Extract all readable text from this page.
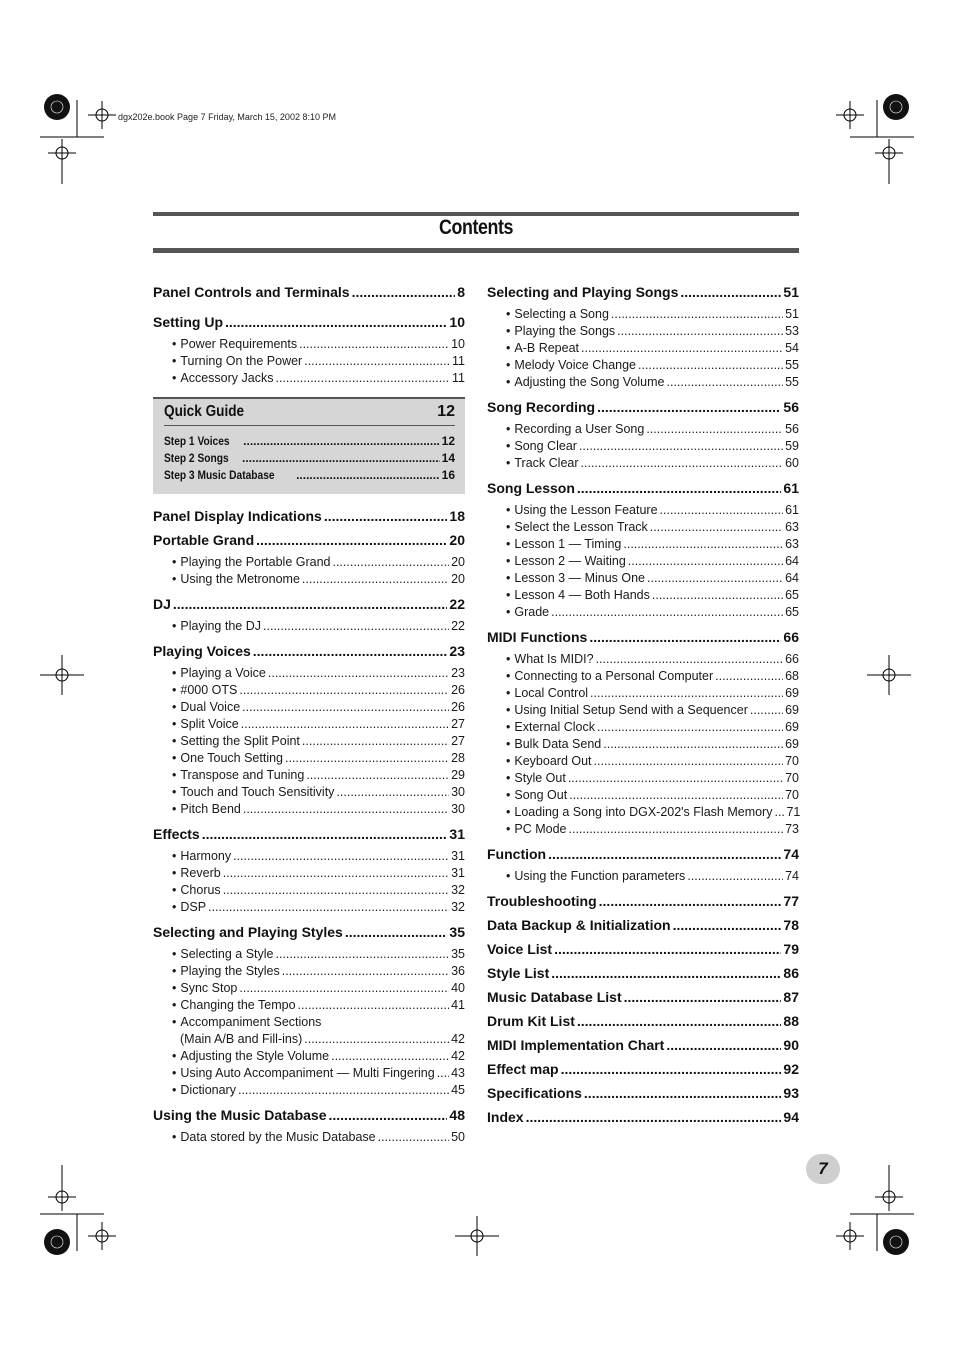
dgx202e.book Page 7 Friday, March 15, 2002 8:10 PM
Contents
Panel Controls and Terminals .....	8
Setting Up .....	10
• Power Requirements .....	10
• Turning On the Power .....	11
• Accessory Jacks .....	11
Quick Guide	12
Step 1 Voices .....	12
Step 2 Songs .....	14
Step 3 Music Database .....	16
Panel Display Indications .....	18
Portable Grand .....	20
• Playing the Portable Grand .....	20
• Using the Metronome .....	20
DJ .....	22
• Playing the DJ .....	22
Playing Voices .....	23
• Playing a Voice .....	23
• #000 OTS .....	26
• Dual Voice .....	26
• Split Voice .....	27
• Setting the Split Point .....	27
• One Touch Setting .....	28
• Transpose and Tuning .....	29
• Touch and Touch Sensitivity .....	30
• Pitch Bend .....	30
Effects .....	31
• Harmony .....	31
• Reverb .....	31
• Chorus .....	32
• DSP .....	32
Selecting and Playing Styles .....	35
• Selecting a Style .....	35
• Playing the Styles .....	36
• Sync Stop .....	40
• Changing the Tempo .....	41
• Accompaniment Sections
(Main A/B and Fill-ins) .....	42
• Adjusting the Style Volume .....	42
• Using Auto Accompaniment — Multi Fingering ..... 43
• Dictionary .....	45
Using the Music Database .....	48
• Data stored by the Music Database .....	50
Selecting and Playing Songs .....	51
• Selecting a Song .....	51
• Playing the Songs .....	53
• A-B Repeat .....	54
• Melody Voice Change .....	55
• Adjusting the Song Volume .....	55
Song Recording .....	56
• Recording a User Song .....	56
• Song Clear .....	59
• Track Clear .....	60
Song Lesson .....	61
• Using the Lesson Feature .....	61
• Select the Lesson Track .....	63
• Lesson 1 — Timing .....	63
• Lesson 2 — Waiting .....	64
• Lesson 3 — Minus One .....	64
• Lesson 4 — Both Hands .....	65
• Grade .....	65
MIDI Functions .....	66
• What Is MIDI? .....	66
• Connecting to a Personal Computer .....	68
• Local Control .....	69
• Using Initial Setup Send with a Sequencer .....	69
• External Clock .....	69
• Bulk Data Send .....	69
• Keyboard Out .....	70
• Style Out .....	70
• Song Out .....	70
• Loading a Song into DGX-202's Flash Memory ..... 71
• PC Mode .....	73
Function .....	74
• Using the Function parameters .....	74
Troubleshooting .....	77
Data Backup & Initialization .....	78
Voice List .....	79
Style List .....	86
Music Database List .....	87
Drum Kit List .....	88
MIDI Implementation Chart .....	90
Effect map .....	92
Specifications .....	93
Index .....	94
7
